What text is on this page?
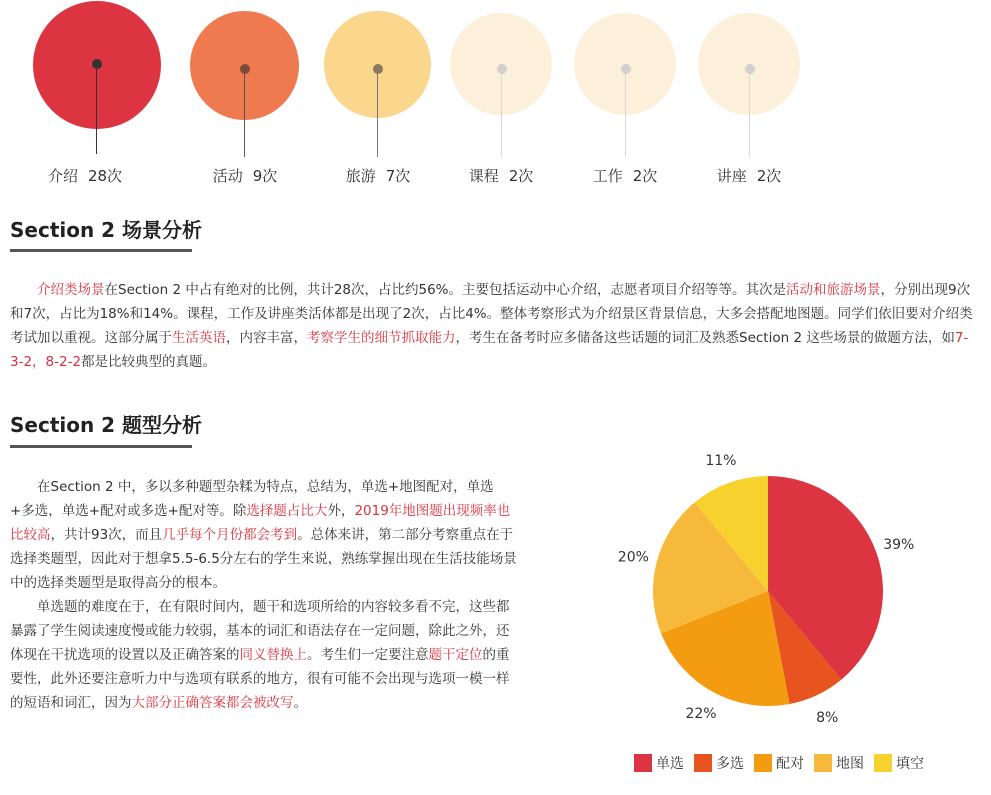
介绍 28次	活动 9次	旅游 7次	课程 2次	工作 2次	讲座 2次
Section 2 场景分析

介绍类场景在Section 2 中占有绝对的比例，共计28次，占比约56%。主要包括运动中心介绍，志愿者项目介绍等等。其次是活动和旅游场景，分别出现9次和7次，占比为18%和14%。课程，工作及讲座类活体都是出现了2次，占比4%。整体考察形式为介绍景区背景信息，大多会搭配地图题。同学们依旧要对介绍类考试加以重视。这部分属于生活英语，内容丰富，考察学生的细节抓取能力，考生在备考时应多储备这些话题的词汇及熟悉Section 2 这些场景的做题方法，如7-3-2，8-2-2都是比较典型的真题。

Section 2 题型分析

在Section 2 中，多以多种题型杂糅为特点，总结为，单选+地图配对，单选+多选，单选+配对或多选+配对等。除选择题占比大外，2019年地图题出现频率也比较高，共计93次，而且几乎每个月份都会考到。总体来讲，第二部分考察重点在于选择类题型，因此对于想拿5.5-6.5分左右的学生来说，熟练掌握出现在生活技能场景中的选择类题型是取得高分的根本。

单选题的难度在于，在有限时间内，题干和选项所给的内容较多看不完，这些都暴露了学生阅读速度慢或能力较弱，基本的词汇和语法存在一定问题，除此之外，还体现在干扰选项的设置以及正确答案的同义替换上。考生们一定要注意题干定位的重要性，此外还要注意听力中与选项有联系的地方，很有可能不会出现与选项一模一样的短语和词汇，因为大部分正确答案都会被改写。

39%
8%
22%
20%
11%
单选 多选 配对 地图 填空
